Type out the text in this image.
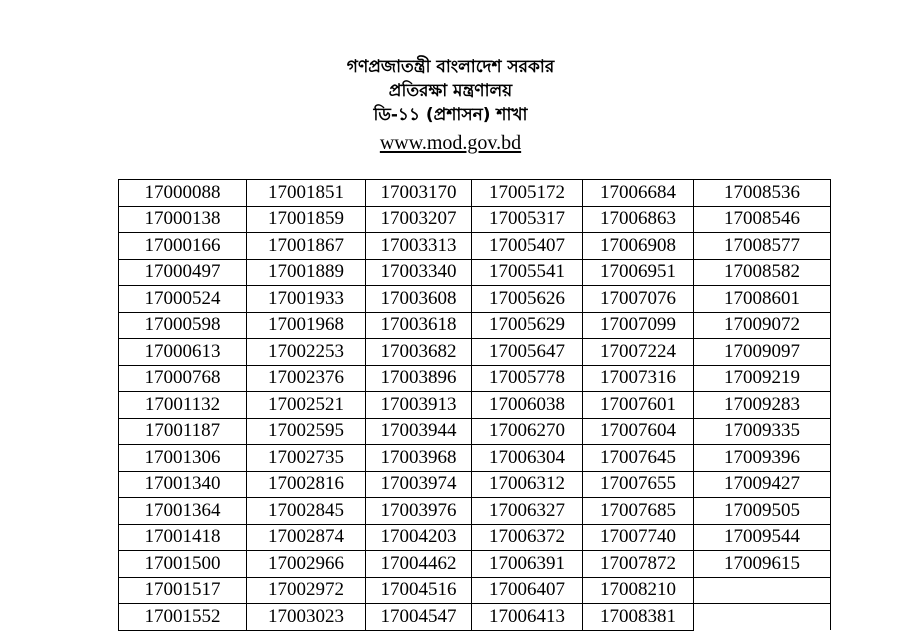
গণপ্রজাতন্ত্রী বাংলাদেশ সরকার
প্রতিরক্ষা মন্ত্রণালয়
ডি-১১ (প্রশাসন) শাখা
www.mod.gov.bd
17000088	17001851	17003170	17005172	17006684	17008536
17000138	17001859	17003207	17005317	17006863	17008546
17000166	17001867	17003313	17005407	17006908	17008577
17000497	17001889	17003340	17005541	17006951	17008582
17000524	17001933	17003608	17005626	17007076	17008601
17000598	17001968	17003618	17005629	17007099	17009072
17000613	17002253	17003682	17005647	17007224	17009097
17000768	17002376	17003896	17005778	17007316	17009219
17001132	17002521	17003913	17006038	17007601	17009283
17001187	17002595	17003944	17006270	17007604	17009335
17001306	17002735	17003968	17006304	17007645	17009396
17001340	17002816	17003974	17006312	17007655	17009427
17001364	17002845	17003976	17006327	17007685	17009505
17001418	17002874	17004203	17006372	17007740	17009544
17001500	17002966	17004462	17006391	17007872	17009615
17001517	17002972	17004516	17006407	17008210	
17001552	17003023	17004547	17006413	17008381	
